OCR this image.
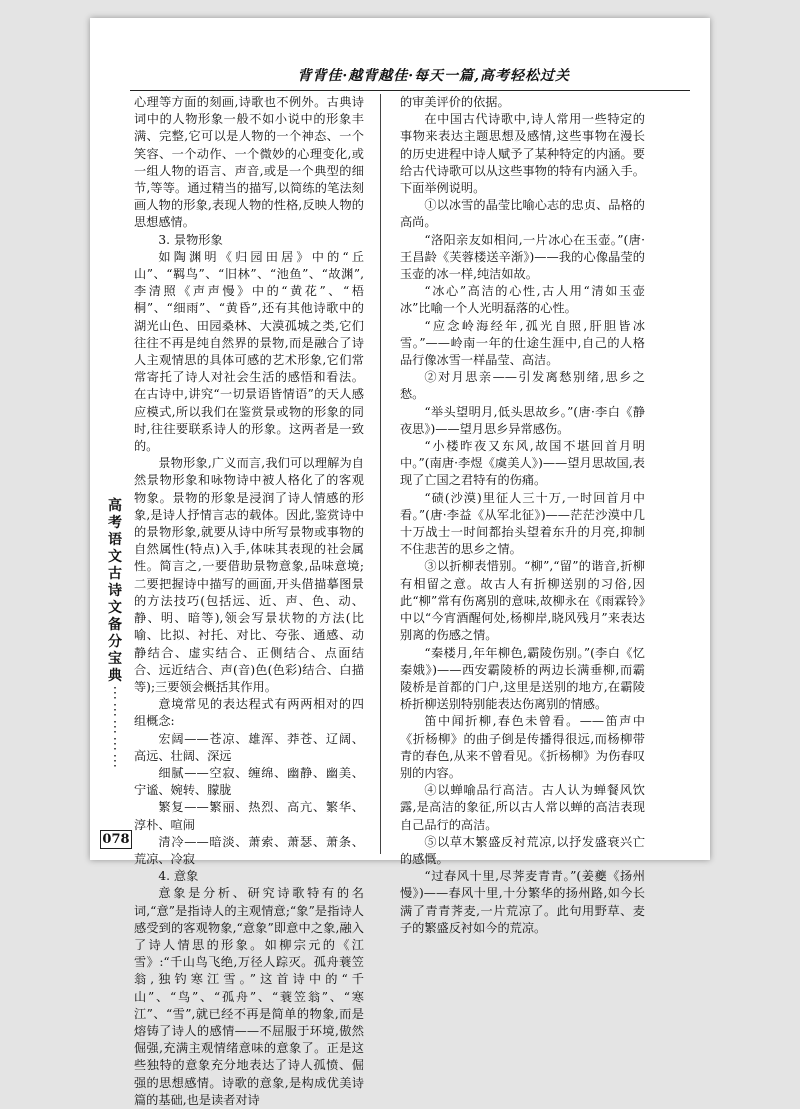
背背佳·越背越佳·每天一篇,高考轻松过关
高
考
语
文
古
诗
文
备
分
宝
典
⋮
⋮
⋮
⋮
⋮
078

心理等方面的刻画,诗歌也不例外。古典诗词中的人物形象一般不如小说中的形象丰满、完整,它可以是人物的一个神态、一个笑容、一个动作、一个微妙的心理变化,或一组人物的语言、声音,或是一个典型的细节,等等。通过精当的描写,以简练的笔法刻画人物的形象,表现人物的性格,反映人物的思想感情。

3. 景物形象

如陶渊明《归园田居》中的“丘山”、“羁鸟”、“旧林”、“池鱼”、“故渊”,李清照《声声慢》中的“黄花”、“梧桐”、“细雨”、“黄昏”,还有其他诗歌中的湖光山色、田园桑林、大漠孤城之类,它们往往不再是纯自然界的景物,而是融合了诗人主观情思的具体可感的艺术形象,它们常常寄托了诗人对社会生活的感悟和看法。在古诗中,讲究“一切景语皆情语”的天人感应模式,所以我们在鉴赏景或物的形象的同时,往往要联系诗人的形象。这两者是一致的。

景物形象,广义而言,我们可以理解为自然景物形象和咏物诗中被人格化了的客观物象。景物的形象是浸润了诗人情感的形象,是诗人抒情言志的载体。因此,鉴赏诗中的景物形象,就要从诗中所写景物或事物的自然属性(特点)入手,体味其表现的社会属性。简言之,一要借助景物意象,品味意境;二要把握诗中描写的画面,开头借描摹图景的方法技巧(包括远、近、声、色、动、静、明、暗等),领会写景状物的方法(比喻、比拟、衬托、对比、夸张、通感、动静结合、虚实结合、正侧结合、点面结合、远近结合、声(音)色(色彩)结合、白描等);三要领会概括其作用。

意境常见的表达程式有两两相对的四组概念:

宏阔——苍凉、雄浑、莽苍、辽阔、高远、壮阔、深远

细腻——空寂、缠绵、幽静、幽美、宁谧、婉转、朦胧

繁复——繁丽、热烈、高亢、繁华、淳朴、喧闹

清冷——暗淡、萧索、萧瑟、萧条、荒凉、冷寂

4. 意象

意象是分析、研究诗歌特有的名词,“意”是指诗人的主观情意;“象”是指诗人感受到的客观物象,“意象”即意中之象,融入了诗人情思的形象。如柳宗元的《江雪》:“千山鸟飞绝,万径人踪灭。孤舟蓑笠翁,独钓寒江雪。”这首诗中的“千山”、“鸟”、“孤舟”、“蓑笠翁”、“寒江”、“雪”,就已经不再是简单的物象,而是熔铸了诗人的感情——不屈服于环境,傲然倔强,充满主观情绪意味的意象了。正是这些独特的意象充分地表达了诗人孤愤、倔强的思想感情。诗歌的意象,是构成优美诗篇的基础,也是读者对诗

的审美评价的依据。

在中国古代诗歌中,诗人常用一些特定的事物来表达主题思想及感情,这些事物在漫长的历史进程中诗人赋予了某种特定的内涵。要给古代诗歌可以从这些事物的特有内涵入手。下面举例说明。

①以冰雪的晶莹比喻心志的忠贞、品格的高尚。

“洛阳亲友如相问,一片冰心在玉壶。”(唐·王昌龄《芙蓉楼送辛渐》)——我的心像晶莹的玉壶的冰一样,纯洁如故。

“冰心”高洁的心性,古人用“清如玉壶冰”比喻一个人光明磊落的心性。

“应念岭海经年,孤光自照,肝胆皆冰雪。”——岭南一年的仕途生涯中,自己的人格品行像冰雪一样晶莹、高洁。

②对月思亲——引发离愁别绪,思乡之愁。

“举头望明月,低头思故乡。”(唐·李白《静夜思》)——望月思乡异常感伤。

“小楼昨夜又东风,故国不堪回首月明中。”(南唐·李煜《虞美人》)——望月思故国,表现了亡国之君特有的伤痛。

“碛(沙漠)里征人三十万,一时回首月中看。”(唐·李益《从军北征》)——茫茫沙漠中几十万战士一时间都抬头望着东升的月亮,抑制不住悲苦的思乡之情。

③以折柳表惜别。“柳”,“留”的谐音,折柳有相留之意。故古人有折柳送别的习俗,因此“柳”常有伤离别的意味,故柳永在《雨霖铃》中以“今宵酒醒何处,杨柳岸,晓风残月”来表达别离的伤感之情。

“秦楼月,年年柳色,霸陵伤别。”(李白《忆秦娥》)——西安霸陵桥的两边长满垂柳,而霸陵桥是首都的门户,这里是送别的地方,在霸陵桥折柳送别特别能表达伤离别的情感。

笛中闻折柳,春色未曾看。——笛声中《折杨柳》的曲子倒是传播得很远,而杨柳带青的春色,从来不曾看见。《折杨柳》为伤春叹别的内容。

④以蝉喻品行高洁。古人认为蝉餐风饮露,是高洁的象征,所以古人常以蝉的高洁表现自己品行的高洁。

⑤以草木繁盛反衬荒凉,以抒发盛衰兴亡的感慨。

“过春风十里,尽荠麦青青。”(姜夔《扬州慢》)——春风十里,十分繁华的扬州路,如今长满了青青荠麦,一片荒凉了。此句用野草、麦子的繁盛反衬如今的荒凉。
